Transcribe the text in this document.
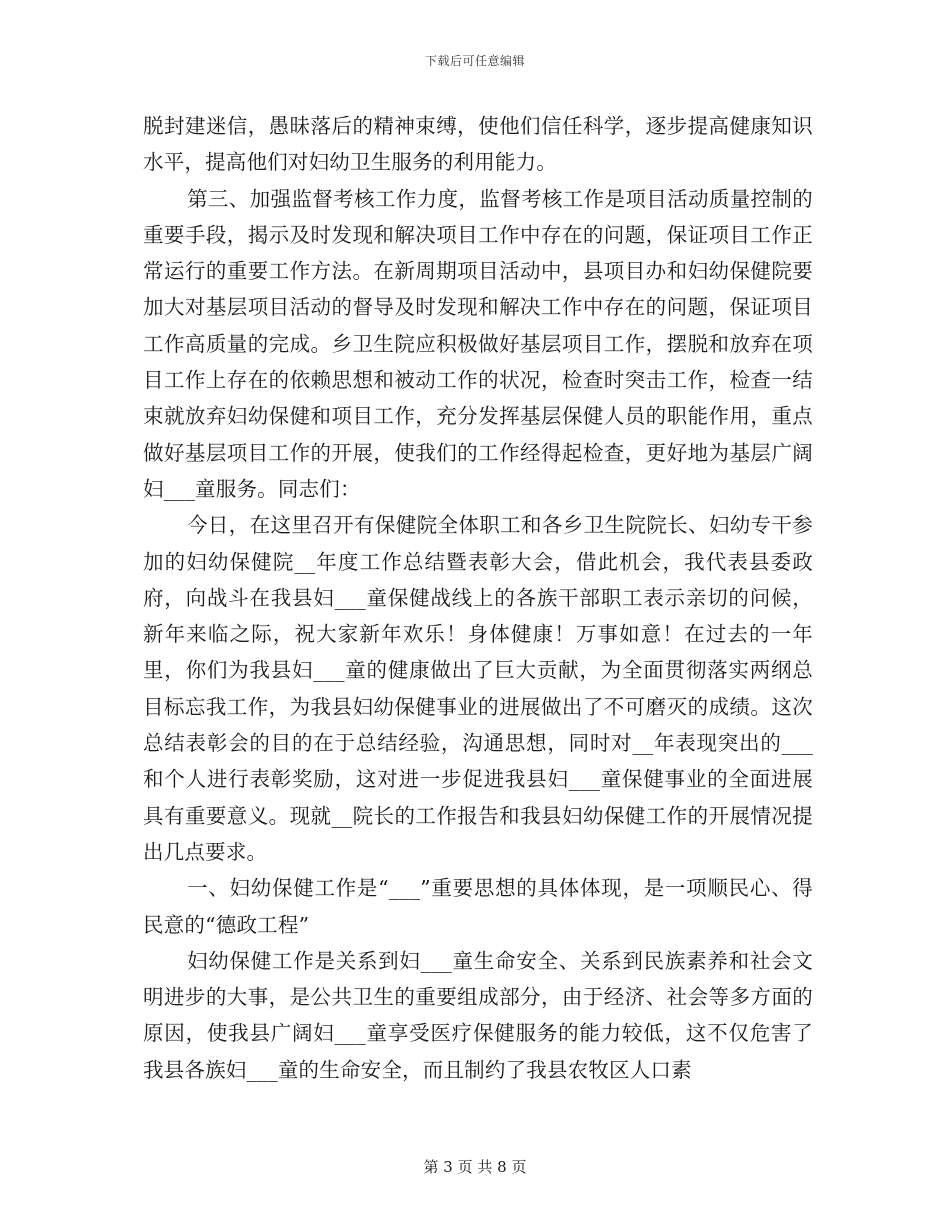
下载后可任意编辑

脱封建迷信，愚昧落后的精神束缚，使他们信任科学，逐步提高健康知识水平，提高他们对妇幼卫生服务的利用能力。

第三、加强监督考核工作力度，监督考核工作是项目活动质量控制的重要手段，揭示及时发现和解决项目工作中存在的问题，保证项目工作正常运行的重要工作方法。在新周期项目活动中，县项目办和妇幼保健院要加大对基层项目活动的督导及时发现和解决工作中存在的问题，保证项目工作高质量的完成。乡卫生院应积极做好基层项目工作，摆脱和放弃在项目工作上存在的依赖思想和被动工作的状况，检查时突击工作，检查一结束就放弃妇幼保健和项目工作，充分发挥基层保健人员的职能作用，重点做好基层项目工作的开展，使我们的工作经得起检查，更好地为基层广阔妇___童服务。同志们：

今日，在这里召开有保健院全体职工和各乡卫生院院长、妇幼专干参加的妇幼保健院__年度工作总结暨表彰大会，借此机会，我代表县委政府，向战斗在我县妇___童保健战线上的各族干部职工表示亲切的问候，新年来临之际，祝大家新年欢乐！身体健康！万事如意！在过去的一年里，你们为我县妇___童的健康做出了巨大贡献，为全面贯彻落实两纲总目标忘我工作，为我县妇幼保健事业的进展做出了不可磨灭的成绩。这次总结表彰会的目的在于总结经验，沟通思想，同时对__年表现突出的___和个人进行表彰奖励，这对进一步促进我县妇___童保健事业的全面进展具有重要意义。现就__院长的工作报告和我县妇幼保健工作的开展情况提出几点要求。

一、妇幼保健工作是“___”重要思想的具体体现，是一项顺民心、得民意的“德政工程”

妇幼保健工作是关系到妇___童生命安全、关系到民族素养和社会文明进步的大事，是公共卫生的重要组成部分，由于经济、社会等多方面的原因，使我县广阔妇___童享受医疗保健服务的能力较低，这不仅危害了我县各族妇___童的生命安全，而且制约了我县农牧区人口素

第 3 页 共 8 页
